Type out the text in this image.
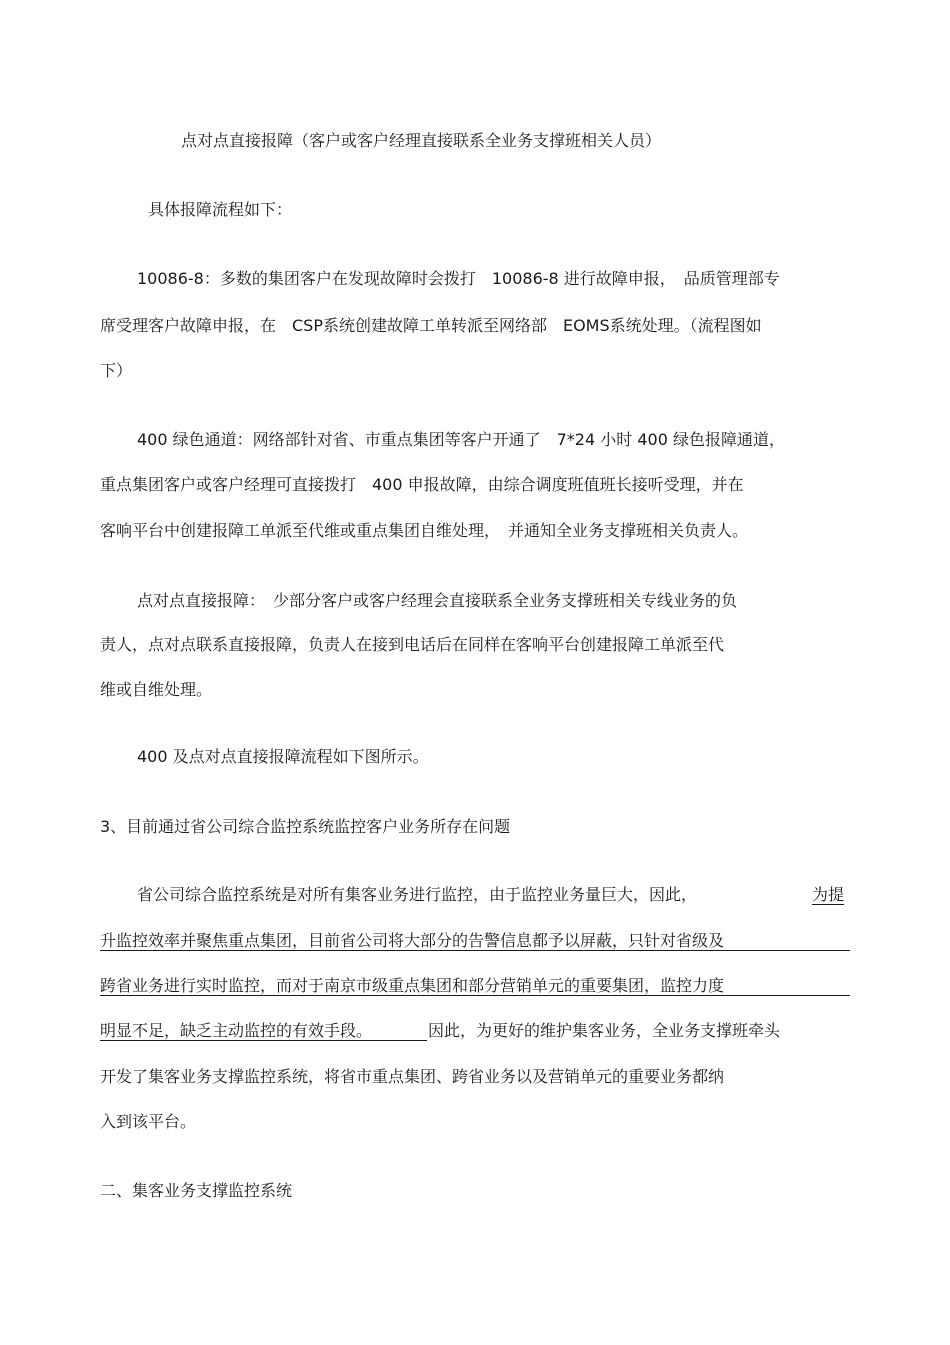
点对点直接报障（客户或客户经理直接联系全业务支撑班相关人员）
具体报障流程如下：
10086-8：多数的集团客户在发现故障时会拨打　10086-8 进行故障申报，　品质管理部专
席受理客户故障申报，在　CSP系统创建故障工单转派至网络部　EOMS系统处理。（流程图如
下）
400 绿色通道：网络部针对省、市重点集团等客户开通了　7*24 小时 400 绿色报障通道，
重点集团客户或客户经理可直接拨打　400 申报故障，由综合调度班值班长接听受理，并在
客响平台中创建报障工单派至代维或重点集团自维处理，　并通知全业务支撑班相关负责人。
点对点直接报障：　少部分客户或客户经理会直接联系全业务支撑班相关专线业务的负
责人，点对点联系直接报障，负责人在接到电话后在同样在客响平台创建报障工单派至代
维或自维处理。
400 及点对点直接报障流程如下图所示。
3、目前通过省公司综合监控系统监控客户业务所存在问题
省公司综合监控系统是对所有集客业务进行监控，由于监控业务量巨大，因此，	为提
升监控效率并聚焦重点集团，目前省公司将大部分的告警信息都予以屏蔽，只针对省级及
跨省业务进行实时监控，而对于南京市级重点集团和部分营销单元的重要集团，监控力度
明显不足，缺乏主动监控的有效手段。	因此，为更好的维护集客业务，全业务支撑班牵头
开发了集客业务支撑监控系统，将省市重点集团、跨省业务以及营销单元的重要业务都纳
入到该平台。
二、集客业务支撑监控系统
